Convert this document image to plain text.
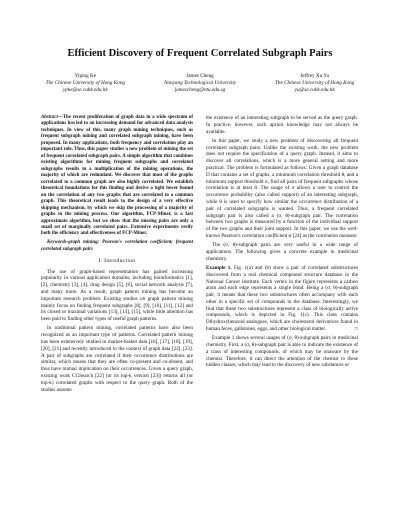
Efficient Discovery of Frequent Correlated Subgraph Pairs
Yiping Ke
The Chinese University of Hong Kong
ypke@se.cuhk.edu.hk
James Cheng
Nanyang Technological University
jamescheng@ntu.edu.sg
Jeffrey Xu Yu
The Chinese University of Hong Kong
yu@se.cuhk.edu.hk

Abstract—The recent proliferation of graph data in a wide spectrum of applications has led to an increasing demand for advanced data analysis techniques. In view of this, many graph mining techniques, such as frequent subgraph mining and correlated subgraph mining, have been proposed. In many applications, both frequency and correlation play an important role. Thus, this paper studies a new problem of mining the set of frequent correlated subgraph pairs. A simple algorithm that combines existing algorithms for mining frequent subgraphs and correlated subgraphs results in a multiplication of the mining operations, the majority of which are redundant. We discover that most of the graphs correlated to a common graph are also highly correlated. We establish theoretical foundations for this finding and derive a tight lower bound on the correlation of any two graphs that are correlated to a common graph. This theoretical result leads to the design of a very effective skipping mechanism, by which we skip the processing of a majority of graphs in the mining process. Our algorithm, FCP-Miner, is a fast approximate algorithm, but we show that the missing pairs are only a small set of marginally correlated pairs. Extensive experiments verify both the efficiency and effectiveness of FCP-Miner.

Keywords-graph mining; Pearson's correlation coefficient; frequent correlated subgraph pairs

I. Introduction

The use of graph-based representation has gained increasing popularity in various application domains, including bioinformatics [1], [2], chemistry [3], [4], drug design [5], [6], social network analysis [7], and many more. As a result, graph pattern mining has become an important research problem. Existing studies on graph pattern mining mainly focus on finding frequent subgraphs [8], [9], [10], [11], [12] and its closed or maximal variations [13], [14], [15], while little attention has been paid to finding other types of useful graph patterns.

In traditional pattern mining, correlated patterns have also been recognized as an important type of patterns. Correlated pattern mining has been extensively studied in market-basket data [16], [17], [18], [19], [20], [21] and recently introduced to the context of graph data [22], [23]. A pair of subgraphs are correlated if their occurrence distributions are similar, which means that they are often co-present and co-absent, and thus have mutual implication on their occurrences. Given a query graph, existing work CGSearch [22] (or its top-k version [23]) returns all (or top-k) correlated graphs with respect to the query graph. Both of the studies assume

the existence of an interesting subgraph to be served as the query graph. In practice, however, such apriori knowledge may not always be available.

In this paper, we study a new problem of discovering all frequent correlated subgraph pairs. Unlike the existing work, the new problem does not require the specification of a query graph. Instead, it aims to discover all correlations, which is a more general setting and more practical. The problem is formulated as follows: Given a graph database D that contains a set of graphs, a minimum correlation threshold θ, and a minimum support threshold σ, find all pairs of frequent subgraphs whose correlation is at least θ. The usage of σ allows a user to control the occurrence probability (also called support) of an interesting subgraph, while θ is used to specify how similar the occurrence distribution of a pair of correlated subgraphs is wanted. Thus, a frequent correlated subgraph pair is also called a (σ, θ)-subgraph pair. The correlation between two graphs is measured by a function of the individual support of the two graphs and their joint support. In this paper, we use the well-known Pearson's correlation coefficient φ [24] as the correlation measure.

The (σ, θ)-subgraph pairs are very useful in a wide range of applications. The following gives a concrete example in medicinal chemistry.

Example 1. Fig. 1(a) and (b) show a pair of correlated substructures discovered from a real chemical compound structure database in the National Cancer Institute. Each vertex in the figure represents a carbon atom and each edge represents a single bond. Being a (σ, θ)-subgraph pair, it means that these two substructures often accompany with each other in a specific set of compounds in the database. Interestingly, we find that these two substructures represent a class of biologically active compounds, which is depicted in Fig. 1(c). This class contains Dihydroxybenzoid analogues, which are cholesterol derivatives found in human feces, gallstones, eggs, and other biological matter.	□

Example 1 shows several usages of (σ, θ)-subgraph pairs in medicinal chemistry. First, a (σ, θ)-subgraph pair is able to indicate the existence of a class of interesting compounds, of which may be unaware by the chemist. Therefore, it can direct the attention of the chemist to these hidden classes, which may lead to the discovery of new substances or
